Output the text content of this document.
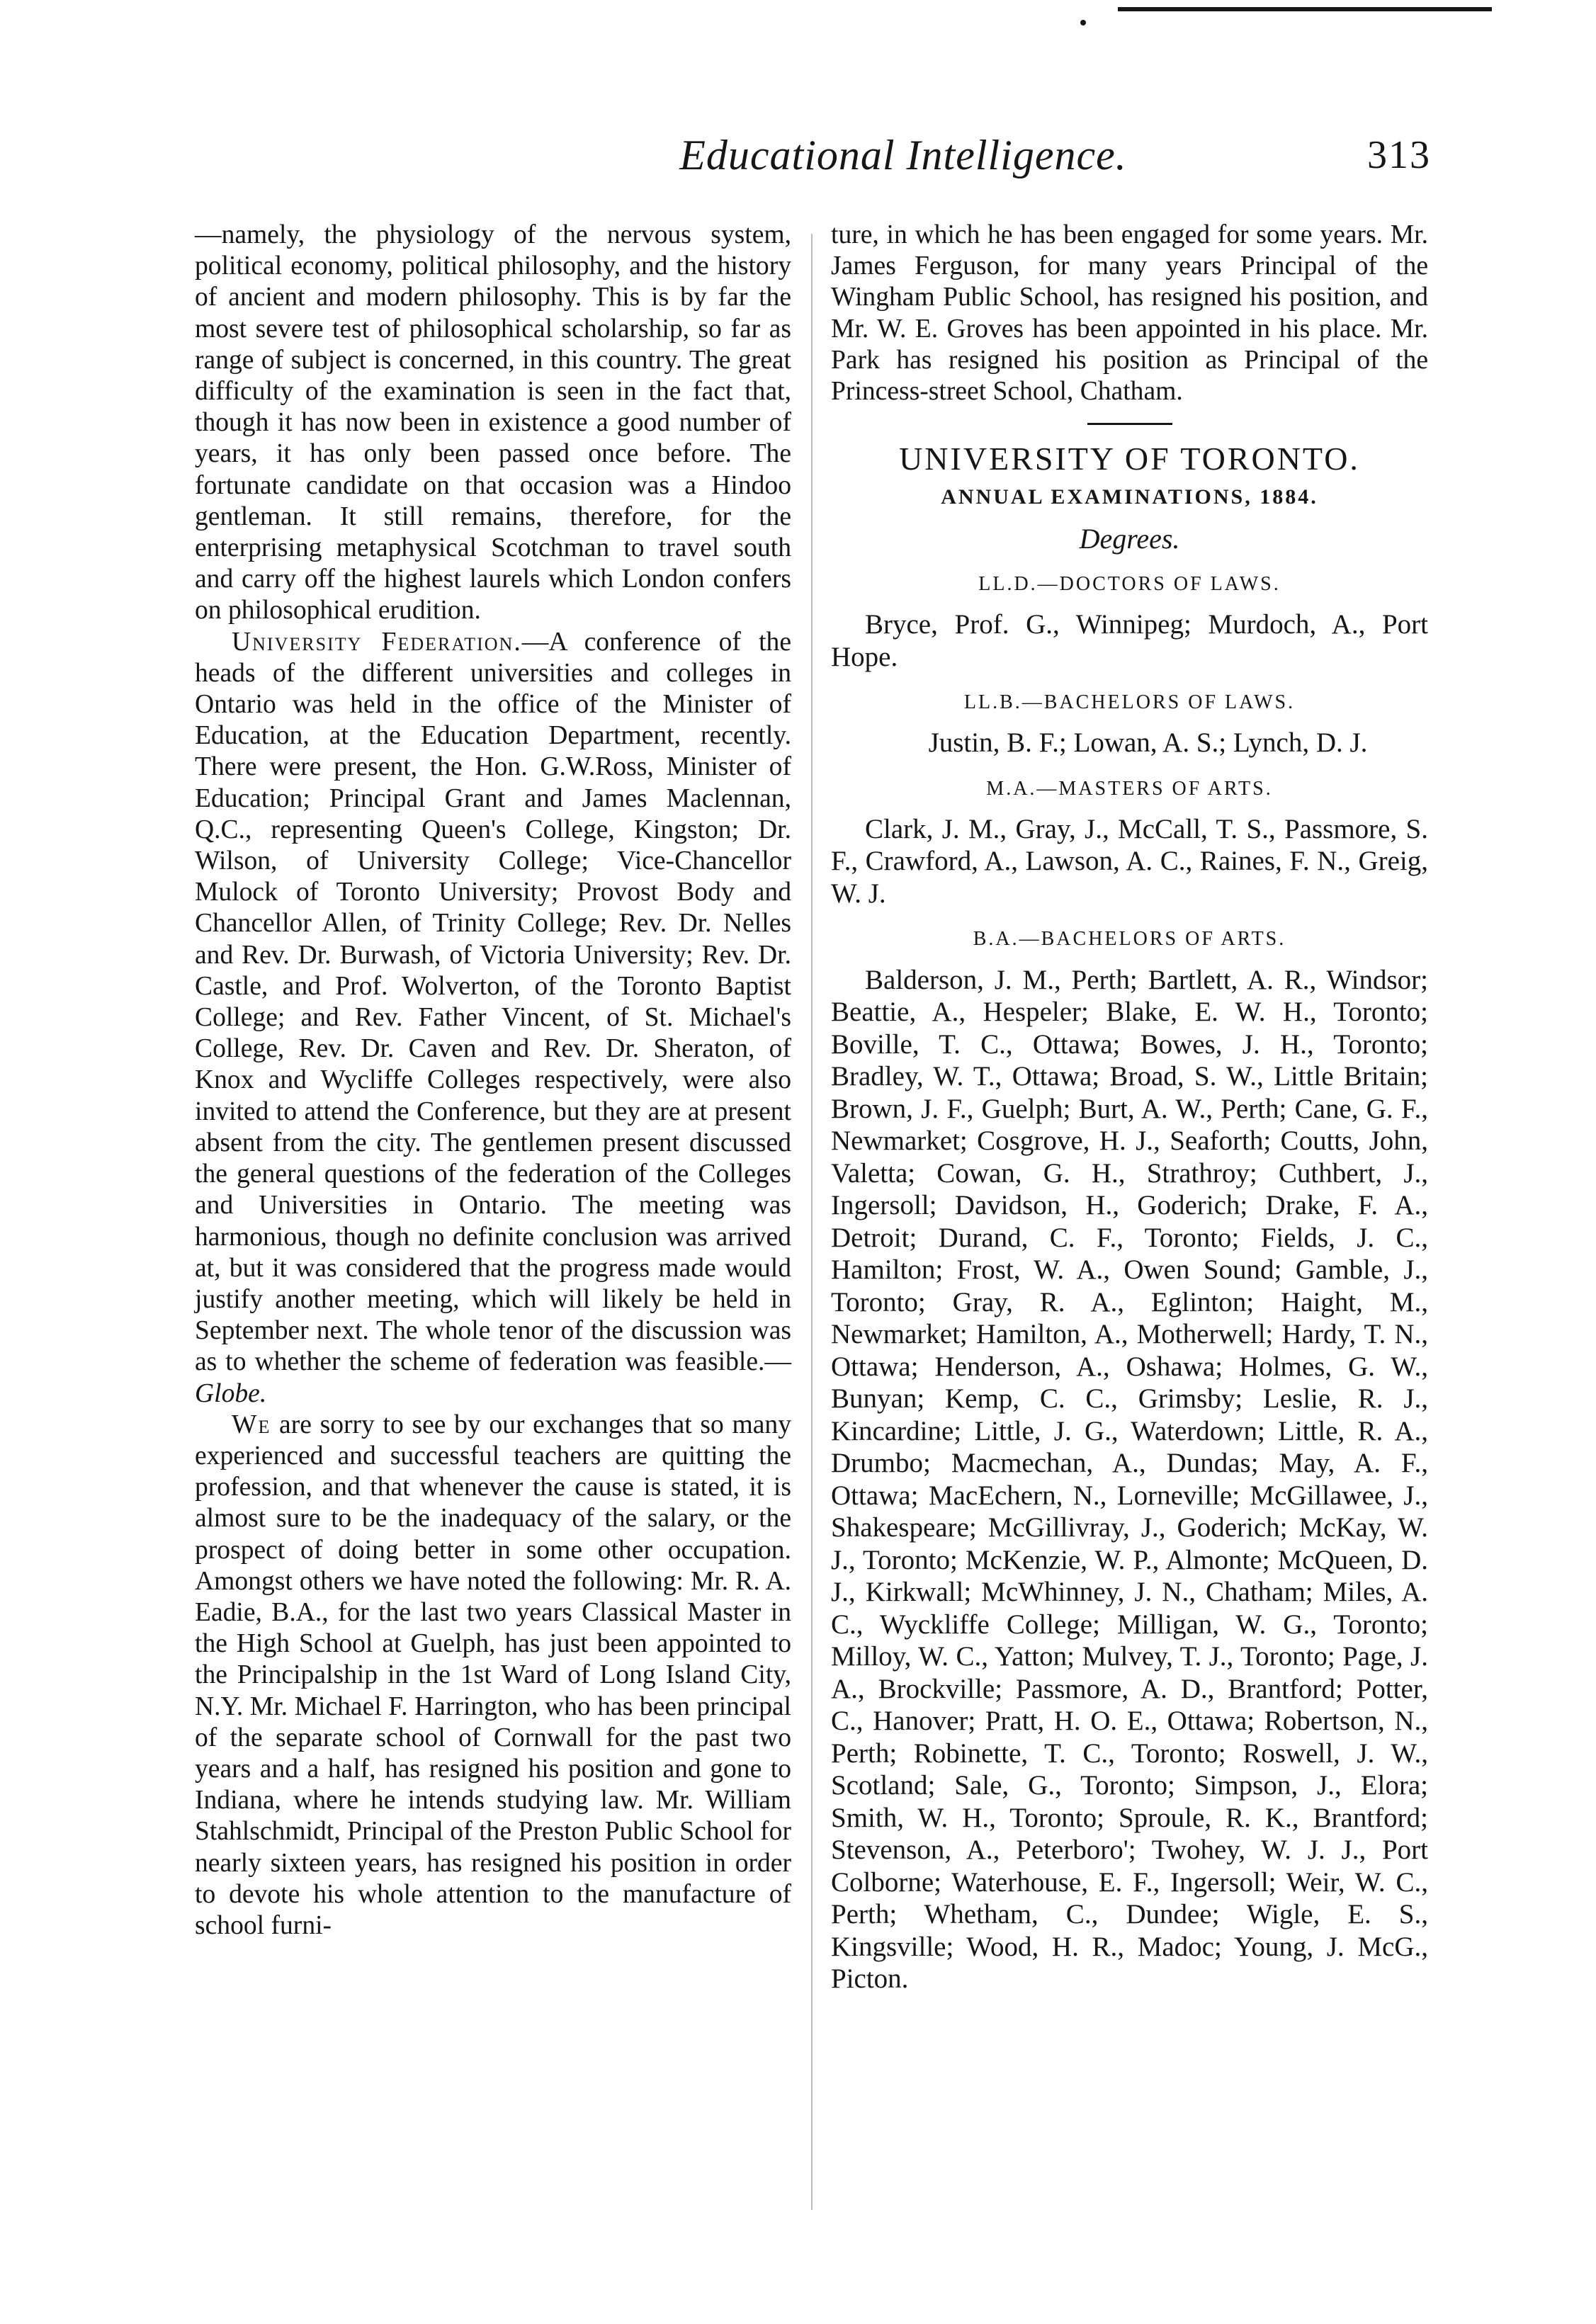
Educational Intelligence.	313

—namely, the physiology of the nervous system, political economy, political philosophy, and the history of ancient and modern philosophy. This is by far the most severe test of philosophical scholarship, so far as range of subject is concerned, in this country. The great difficulty of the examination is seen in the fact that, though it has now been in existence a good number of years, it has only been passed once before. The fortunate candidate on that occasion was a Hindoo gentleman. It still remains, therefore, for the enterprising metaphysical Scotchman to travel south and carry off the highest laurels which London confers on philosophical erudition.

University Federation.—A conference of the heads of the different universities and colleges in Ontario was held in the office of the Minister of Education, at the Education Department, recently. There were present, the Hon. G.W.Ross, Minister of Education; Principal Grant and James Maclennan, Q.C., representing Queen's College, Kingston; Dr. Wilson, of University College; Vice-Chancellor Mulock of Toronto University; Provost Body and Chancellor Allen, of Trinity College; Rev. Dr. Nelles and Rev. Dr. Burwash, of Victoria University; Rev. Dr. Castle, and Prof. Wolverton, of the Toronto Baptist College; and Rev. Father Vincent, of St. Michael's College, Rev. Dr. Caven and Rev. Dr. Sheraton, of Knox and Wycliffe Colleges respectively, were also invited to attend the Conference, but they are at present absent from the city. The gentlemen present discussed the general questions of the federation of the Colleges and Universities in Ontario. The meeting was harmonious, though no definite conclusion was arrived at, but it was considered that the progress made would justify another meeting, which will likely be held in September next. The whole tenor of the discussion was as to whether the scheme of federation was feasible.—Globe.

We are sorry to see by our exchanges that so many experienced and successful teachers are quitting the profession, and that whenever the cause is stated, it is almost sure to be the inadequacy of the salary, or the prospect of doing better in some other occupation. Amongst others we have noted the following: Mr. R. A. Eadie, B.A., for the last two years Classical Master in the High School at Guelph, has just been appointed to the Principalship in the 1st Ward of Long Island City, N.Y. Mr. Michael F. Harrington, who has been principal of the separate school of Cornwall for the past two years and a half, has resigned his position and gone to Indiana, where he intends studying law. Mr. William Stahlschmidt, Principal of the Preston Public School for nearly sixteen years, has resigned his position in order to devote his whole attention to the manufacture of school furni-

ture, in which he has been engaged for some years. Mr. James Ferguson, for many years Principal of the Wingham Public School, has resigned his position, and Mr. W. E. Groves has been appointed in his place. Mr. Park has resigned his position as Principal of the Princess-street School, Chatham.

UNIVERSITY OF TORONTO.
ANNUAL EXAMINATIONS, 1884.
Degrees.
LL.D.—DOCTORS OF LAWS.

Bryce, Prof. G., Winnipeg; Murdoch, A., Port Hope.

LL.B.—BACHELORS OF LAWS.

Justin, B. F.; Lowan, A. S.; Lynch, D. J.

M.A.—MASTERS OF ARTS.

Clark, J. M., Gray, J., McCall, T. S., Passmore, S. F., Crawford, A., Lawson, A. C., Raines, F. N., Greig, W. J.

B.A.—BACHELORS OF ARTS.

Balderson, J. M., Perth; Bartlett, A. R., Windsor; Beattie, A., Hespeler; Blake, E. W. H., Toronto; Boville, T. C., Ottawa; Bowes, J. H., Toronto; Bradley, W. T., Ottawa; Broad, S. W., Little Britain; Brown, J. F., Guelph; Burt, A. W., Perth; Cane, G. F., Newmarket; Cosgrove, H. J., Seaforth; Coutts, John, Valetta; Cowan, G. H., Strathroy; Cuthbert, J., Ingersoll; Davidson, H., Goderich; Drake, F. A., Detroit; Durand, C. F., Toronto; Fields, J. C., Hamilton; Frost, W. A., Owen Sound; Gamble, J., Toronto; Gray, R. A., Eglinton; Haight, M., Newmarket; Hamilton, A., Motherwell; Hardy, T. N., Ottawa; Henderson, A., Oshawa; Holmes, G. W., Bunyan; Kemp, C. C., Grimsby; Leslie, R. J., Kincardine; Little, J. G., Waterdown; Little, R. A., Drumbo; Macmechan, A., Dundas; May, A. F., Ottawa; MacEchern, N., Lorneville; McGillawee, J., Shakespeare; McGillivray, J., Goderich; McKay, W. J., Toronto; McKenzie, W. P., Almonte; McQueen, D. J., Kirkwall; McWhinney, J. N., Chatham; Miles, A. C., Wyckliffe College; Milligan, W. G., Toronto; Milloy, W. C., Yatton; Mulvey, T. J., Toronto; Page, J. A., Brockville; Passmore, A. D., Brantford; Potter, C., Hanover; Pratt, H. O. E., Ottawa; Robertson, N., Perth; Robinette, T. C., Toronto; Roswell, J. W., Scotland; Sale, G., Toronto; Simpson, J., Elora; Smith, W. H., Toronto; Sproule, R. K., Brantford; Stevenson, A., Peterboro'; Twohey, W. J. J., Port Colborne; Waterhouse, E. F., Ingersoll; Weir, W. C., Perth; Whetham, C., Dundee; Wigle, E. S., Kingsville; Wood, H. R., Madoc; Young, J. McG., Picton.
